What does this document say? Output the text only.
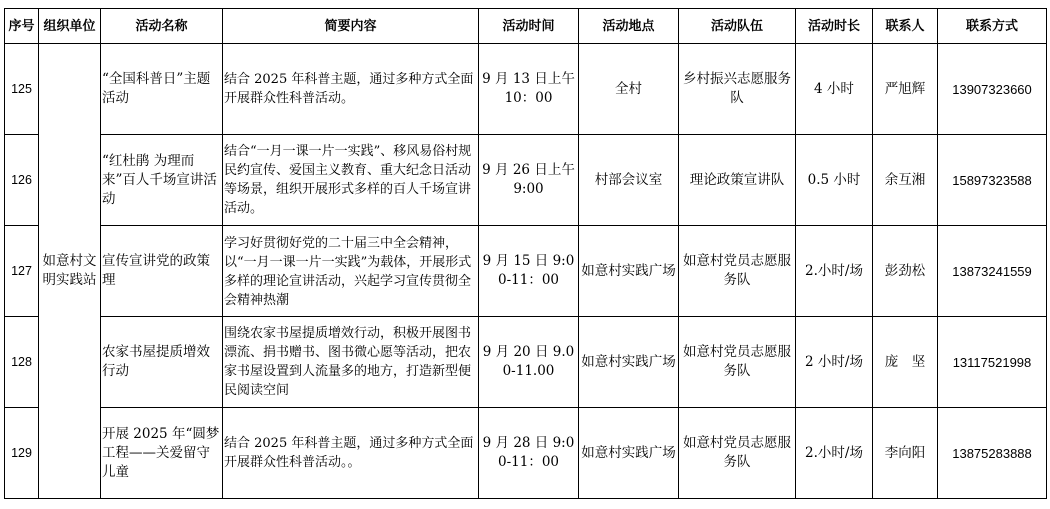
序号	组织单位	活动名称	简要内容	活动时间	活动地点	活动队伍	活动时长	联系人	联系方式
125	如意村文明实践站	“全国科普日”主题活动	结合 2025 年科普主题，通过多种方式全面开展群众性科普活动。	9 月 13 日上午 10：00	全村	乡村振兴志愿服务队	4 小时	严旭辉	13907323660
126		“红杜鹃 为理而来”百人千场宣讲活动	结合“一月一课一片一实践”、移风易俗村规民约宣传、爱国主义教育、重大纪念日活动等场景，组织开展形式多样的百人千场宣讲活动。	9 月 26 日上午 9:00	村部会议室	理论政策宣讲队	0.5 小时	余互湘	15897323588
127		宣传宣讲党的政策理	学习好贯彻好党的二十届三中全会精神，以“一月一课一片一实践”为载体，开展形式多样的理论宣讲活动，兴起学习宣传贯彻全会精神热潮	9 月 15 日 9:00-11：00	如意村实践广场	如意村党员志愿服务队	2.小时/场	彭劲松	13873241559
128		农家书屋提质增效行动	围绕农家书屋提质增效行动，积极开展图书漂流、捐书赠书、图书微心愿等活动，把农家书屋设置到人流量多的地方，打造新型便民阅读空间	9 月 20 日 9.00-11.00	如意村实践广场	如意村党员志愿服务队	2 小时/场	庞　坚	13117521998
129		开展 2025 年“圆梦工程——关爱留守儿童	结合 2025 年科普主题，通过多种方式全面开展群众性科普活动。。	9 月 28 日 9:00-11：00	如意村实践广场	如意村党员志愿服务队	2.小时/场	李向阳	13875283888
